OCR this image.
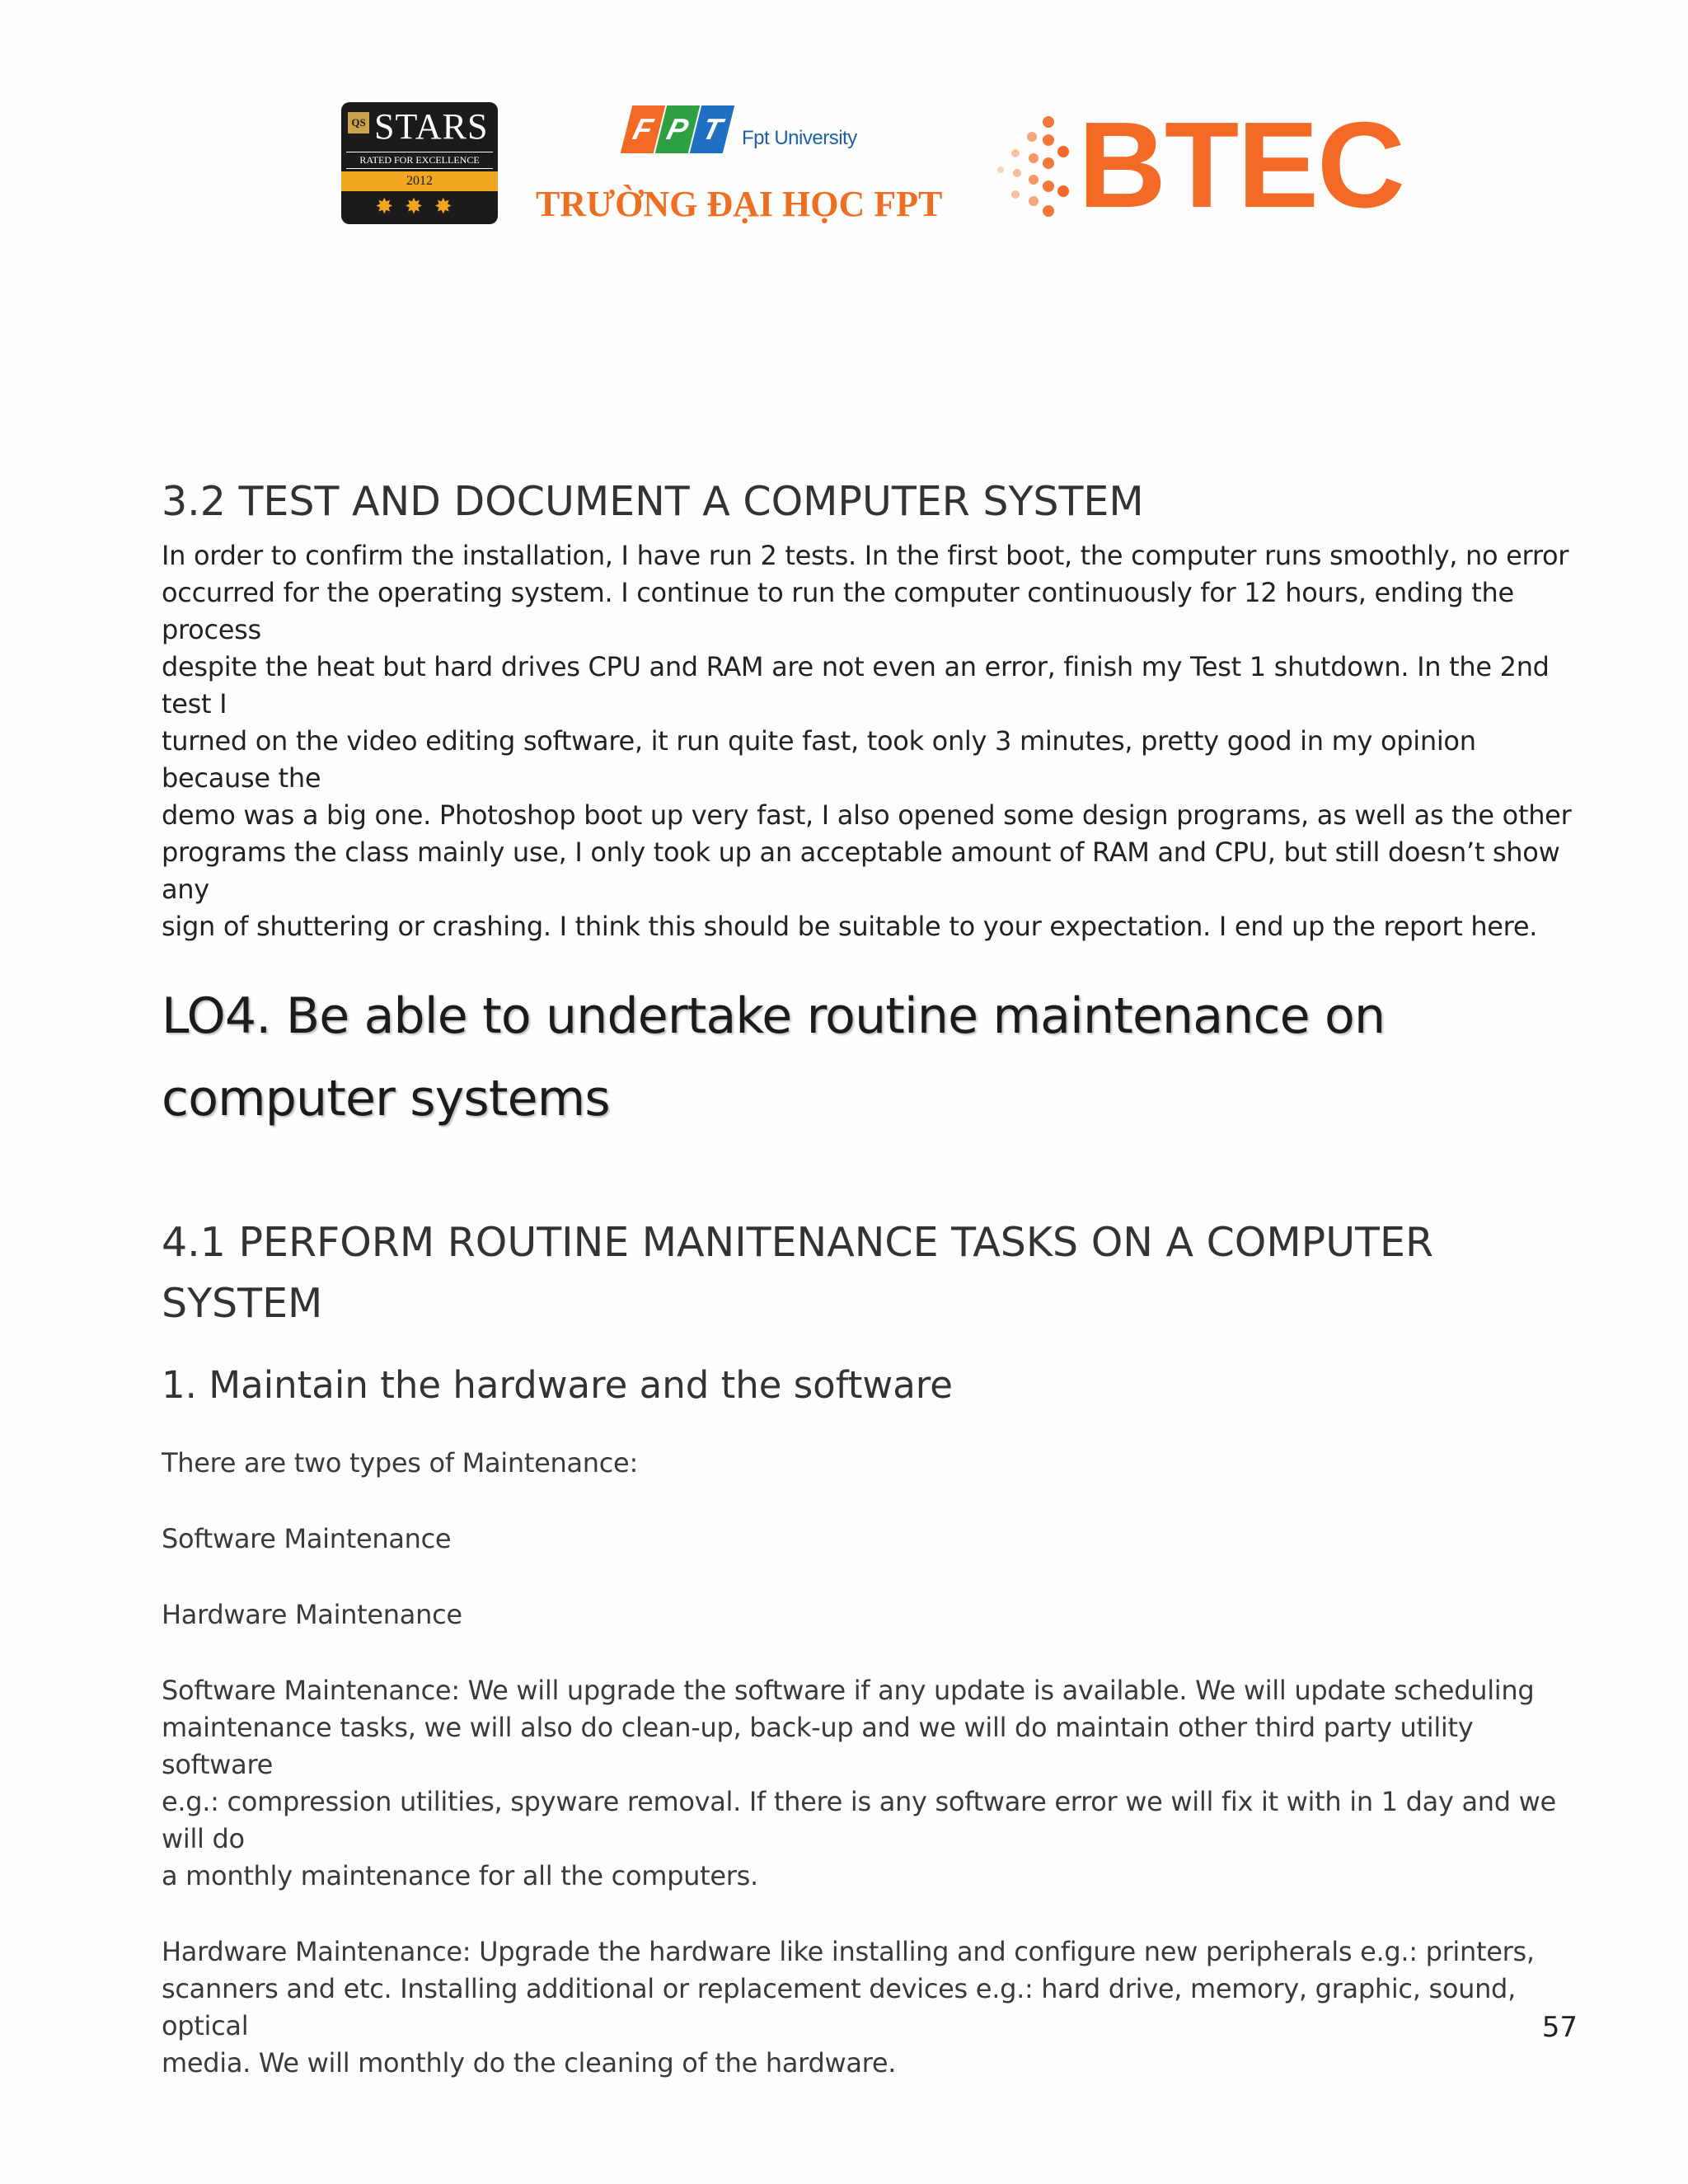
QS STARS
RATED FOR EXCELLENCE
2012
✸✸✸
F P T Fpt University
TRƯỜNG ĐẠI HỌC FPT BTEC
3.2 TEST AND DOCUMENT A COMPUTER SYSTEM

In order to confirm the installation, I have run 2 tests. In the first boot, the computer runs smoothly, no error

occurred for the operating system. I continue to run the computer continuously for 12 hours, ending the process

despite the heat but hard drives CPU and RAM are not even an error, finish my Test 1 shutdown. In the 2nd test I

turned on the video editing software, it run quite fast, took only 3 minutes, pretty good in my opinion because the

demo was a big one. Photoshop boot up very fast, I also opened some design programs, as well as the other

programs the class mainly use, I only took up an acceptable amount of RAM and CPU, but still doesn’t show any

sign of shuttering or crashing. I think this should be suitable to your expectation. I end up the report here.

LO4. Be able to undertake routine maintenance on
computer systems
4.1 PERFORM ROUTINE MANITENANCE TASKS ON A COMPUTER
SYSTEM
1. Maintain the hardware and the software

There are two types of Maintenance:

Software Maintenance

Hardware Maintenance

Software Maintenance: We will upgrade the software if any update is available. We will update scheduling

maintenance tasks, we will also do clean-up, back-up and we will do maintain other third party utility software

e.g.: compression utilities, spyware removal. If there is any software error we will fix it with in 1 day and we will do

a monthly maintenance for all the computers.

Hardware Maintenance: Upgrade the hardware like installing and configure new peripherals e.g.: printers,

scanners and etc. Installing additional or replacement devices e.g.: hard drive, memory, graphic, sound, optical

media. We will monthly do the cleaning of the hardware.

57
